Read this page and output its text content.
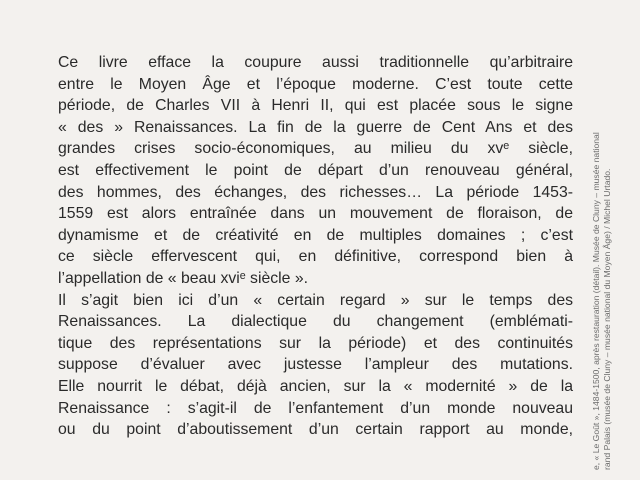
Ce livre efface la coupure aussi traditionnelle qu’arbitraire
entre le Moyen Âge et l’époque moderne. C’est toute cette
période, de Charles VII à Henri II, qui est placée sous le signe
« des » Renaissances. La fin de la guerre de Cent Ans et des
grandes crises socio-économiques, au milieu du xvᵉ siècle,
est effectivement le point de départ d’un renouveau général,
des hommes, des échanges, des richesses… La période 1453-
1559 est alors entraînée dans un mouvement de floraison, de
dynamisme et de créativité en de multiples domaines ; c’est
ce siècle effervescent qui, en définitive, correspond bien à
l’appellation de « beau xviᵉ siècle ».
Il s’agit bien ici d’un « certain regard » sur le temps des
Renaissances. La dialectique du changement (emblémati-
tique des représentations sur la période) et des continuités
suppose d’évaluer avec justesse l’ampleur des mutations.
Elle nourrit le débat, déjà ancien, sur la « modernité » de la
Renaissance : s’agit-il de l’enfantement d’un monde nouveau
ou du point d’aboutissement d’un certain rapport au monde, e, « Le Goût », 1484-1500, après restauration (détail). Musée de Cluny – musée national rand Palais (musée de Cluny – musée national du Moyen Âge) / Michel Urtado.
